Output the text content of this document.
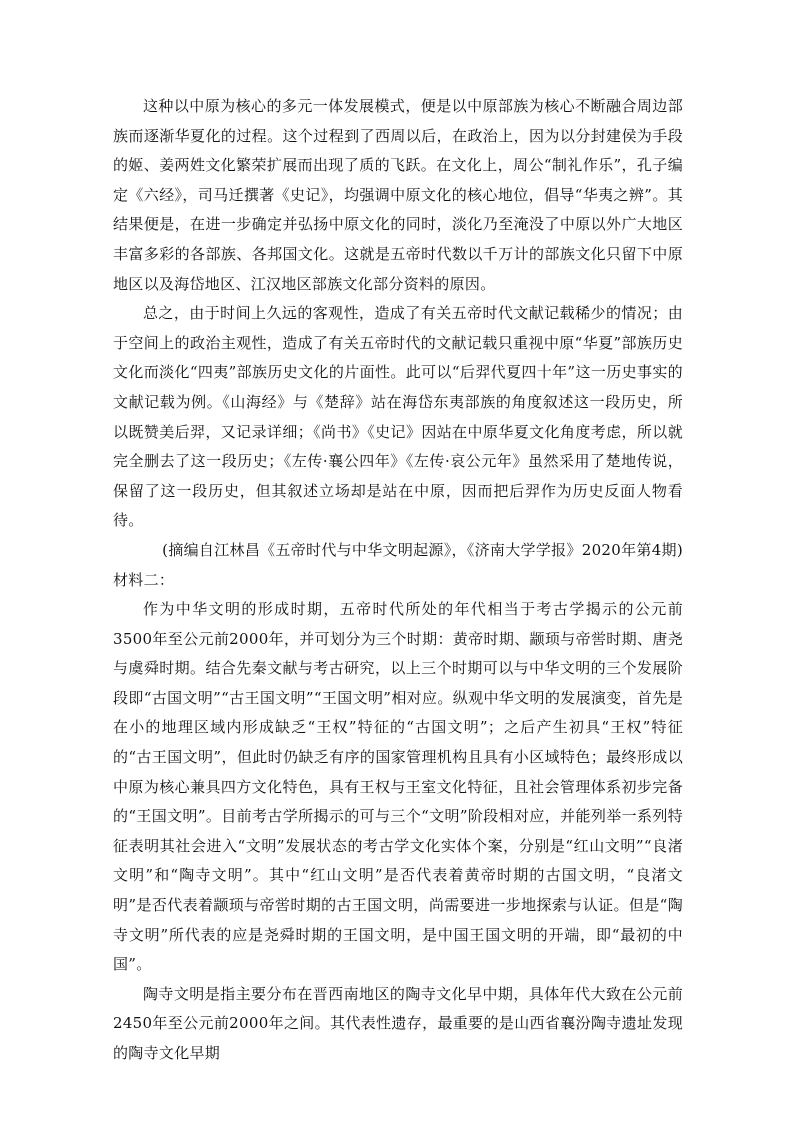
这种以中原为核心的多元一体发展模式，便是以中原部族为核心不断融合周边部族而逐渐华夏化的过程。这个过程到了西周以后，在政治上，因为以分封建侯为手段的姬、姜两姓文化繁荣扩展而出现了质的飞跃。在文化上，周公“制礼作乐”，孔子编定《六经》，司马迁撰著《史记》，均强调中原文化的核心地位，倡导“华夷之辨”。其结果便是，在进一步确定并弘扬中原文化的同时，淡化乃至淹没了中原以外广大地区丰富多彩的各部族、各邦国文化。这就是五帝时代数以千万计的部族文化只留下中原地区以及海岱地区、江汉地区部族文化部分资料的原因。

总之，由于时间上久远的客观性，造成了有关五帝时代文献记载稀少的情况；由于空间上的政治主观性，造成了有关五帝时代的文献记载只重视中原“华夏”部族历史文化而淡化“四夷”部族历史文化的片面性。此可以“后羿代夏四十年”这一历史事实的文献记载为例。《山海经》与《楚辞》站在海岱东夷部族的角度叙述这一段历史，所以既赞美后羿，又记录详细；《尚书》《史记》因站在中原华夏文化角度考虑，所以就完全删去了这一段历史；《左传·襄公四年》《左传·哀公元年》虽然采用了楚地传说，保留了这一段历史，但其叙述立场却是站在中原，因而把后羿作为历史反面人物看待。

(摘编自江林昌《五帝时代与中华文明起源》，《济南大学学报》2020年第4期)

材料二：

作为中华文明的形成时期，五帝时代所处的年代相当于考古学揭示的公元前3500年至公元前2000年，并可划分为三个时期：黄帝时期、颛顼与帝喾时期、唐尧与虞舜时期。结合先秦文献与考古研究，以上三个时期可以与中华文明的三个发展阶段即“古国文明”“古王国文明”“王国文明”相对应。纵观中华文明的发展演变，首先是在小的地理区域内形成缺乏“王权”特征的“古国文明”；之后产生初具“王权”特征的“古王国文明”，但此时仍缺乏有序的国家管理机构且具有小区域特色；最终形成以中原为核心兼具四方文化特色，具有王权与王室文化特征，且社会管理体系初步完备的“王国文明”。目前考古学所揭示的可与三个“文明”阶段相对应，并能列举一系列特征表明其社会进入“文明”发展状态的考古学文化实体个案，分别是“红山文明”“良渚文明”和“陶寺文明”。其中“红山文明”是否代表着黄帝时期的古国文明，“良渚文明”是否代表着颛顼与帝喾时期的古王国文明，尚需要进一步地探索与认证。但是“陶寺文明”所代表的应是尧舜时期的王国文明，是中国王国文明的开端，即“最初的中国”。

陶寺文明是指主要分布在晋西南地区的陶寺文化早中期，具体年代大致在公元前2450年至公元前2000年之间。其代表性遗存，最重要的是山西省襄汾陶寺遗址发现的陶寺文化早期
